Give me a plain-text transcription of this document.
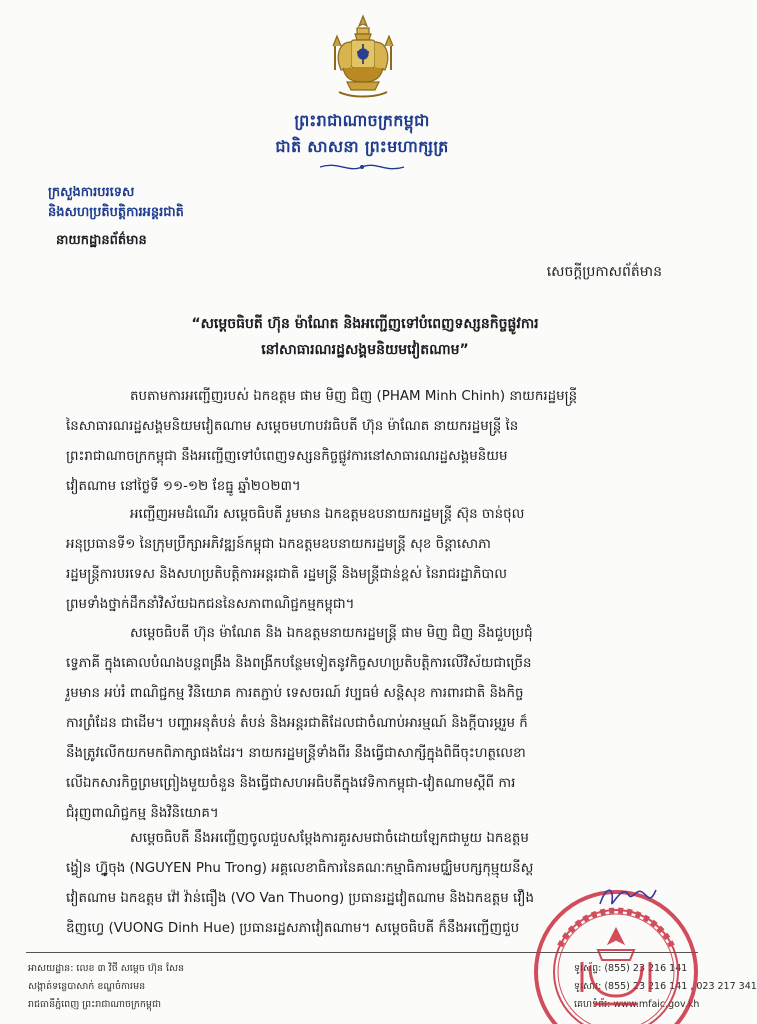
ព្រះរាជាណាចក្រកម្ពុជា
ជាតិ សាសនា ព្រះមហាក្សត្រ
ក្រសួងការបរទេស
និងសហប្រតិបត្តិការអន្តរជាតិ
នាយកដ្ឋានព័ត៌មាន
សេចក្តីប្រកាសព័ត៌មាន
“សម្តេចធិបតី ហ៊ុន ម៉ាណែត និងអញ្ជើញទៅបំពេញទស្សនកិច្ចផ្លូវការ
នៅសាធារណរដ្ឋសង្គមនិយមវៀតណាម”

តបតាមការអញ្ជើញរបស់ ឯកឧត្តម ផាម មិញ ជិញ (PHAM Minh Chinh) នាយករដ្ឋមន្ត្រី

នៃសាធារណរដ្ឋសង្គមនិយមវៀតណាម សម្តេចមហាបវរធិបតី ហ៊ុន ម៉ាណែត នាយករដ្ឋមន្ត្រី នៃ

ព្រះរាជាណាចក្រកម្ពុជា នឹងអញ្ជើញទៅបំពេញទស្សនកិច្ចផ្លូវការនៅសាធារណរដ្ឋសង្គមនិយម

វៀតណាម នៅថ្ងៃទី ១១-១២ ខែធ្នូ ឆ្នាំ២០២៣។

អញ្ជើញអមដំណើរ សម្តេចធិបតី រួមមាន ឯកឧត្តមឧបនាយករដ្ឋមន្ត្រី ស៊ុន ចាន់ថុល

អនុប្រធានទី១ នៃក្រុមប្រឹក្សាអភិវឌ្ឍន៍កម្ពុជា ឯកឧត្តមឧបនាយករដ្ឋមន្ត្រី សុខ ចិន្តាសោភា

រដ្ឋមន្ត្រីការបរទេស និងសហប្រតិបត្តិការអន្តរជាតិ រដ្ឋមន្ត្រី និងមន្ត្រីជាន់ខ្ពស់ នៃរាជរដ្ឋាភិបាល

ព្រមទាំងថ្នាក់ដឹកនាំវិស័យឯកជននៃសភាពាណិជ្ជកម្មកម្ពុជា។

សម្តេចធិបតី ហ៊ុន ម៉ាណែត និង ឯកឧត្តមនាយករដ្ឋមន្ត្រី ផាម មិញ ជិញ នឹងជួបប្រជុំ

ទ្វេភាគី ក្នុងគោលបំណងបន្តពង្រឹង និងពង្រីកបន្ថែមទៀតនូវកិច្ចសហប្រតិបត្តិការលើវិស័យជាច្រើន

រួមមាន អប់រំ ពាណិជ្ជកម្ម វិនិយោគ ការតភ្ជាប់ ទេសចរណ៍ វប្បធម៌ សន្តិសុខ ការពារជាតិ និងកិច្ច

ការព្រំដែន ជាដើម។ បញ្ហាអនុតំបន់ តំបន់ និងអន្តរជាតិដែលជាចំណាប់អារម្មណ៍ និងក្តីបារម្ភរួម ក៏

នឹងត្រូវលើកយកមកពិភាក្សាផងដែរ។ នាយករដ្ឋមន្ត្រីទាំងពីរ នឹងធ្វើជាសាក្សីក្នុងពិធីចុះហត្ថលេខា

លើឯកសារកិច្ចព្រមព្រៀងមួយចំនួន និងធ្វើជាសហអធិបតីក្នុងវេទិកាកម្ពុជា-វៀតណាមស្តីពី ការ

ជំរុញពាណិជ្ជកម្ម និងវិនិយោគ។

សម្តេចធិបតី នឹងអញ្ជើញចូលជួបសម្តែងការគួរសមជាចំដោយឡែកជាមួយ ឯកឧត្តម

ង្វៀន ហ្វ៊ូចុង (NGUYEN Phu Trong) អគ្គលេខាធិការនៃគណៈកម្មាធិការមជ្ឈិមបក្សកុម្មុយនីស្ត

វៀតណាម ឯកឧត្តម វ៉ៅ វ៉ាន់ធឿង (VO Van Thuong) ប្រធានរដ្ឋវៀតណាម និងឯកឧត្តម វឿង

ឌិញហ្វេ (VUONG Dinh Hue) ប្រធានរដ្ឋសភាវៀតណាម។ សម្តេចធិបតី ក៏នឹងអញ្ជើញជួប

អាសយដ្ឋាន: លេខ ៣ វិថី សម្តេច ហ៊ុន សែន
សង្កាត់ទន្លេបាសាក់ ខណ្ឌចំការមន
រាជធានីភ្នំពេញ ព្រះរាជាណាចក្រកម្ពុជា
ទូរស័ព្ទ: (855) 23 216 141
ទូរសារ: (855) 23 216 141 , 023 217 341
គេហទំព័រ: www.mfaic.gov.kh
